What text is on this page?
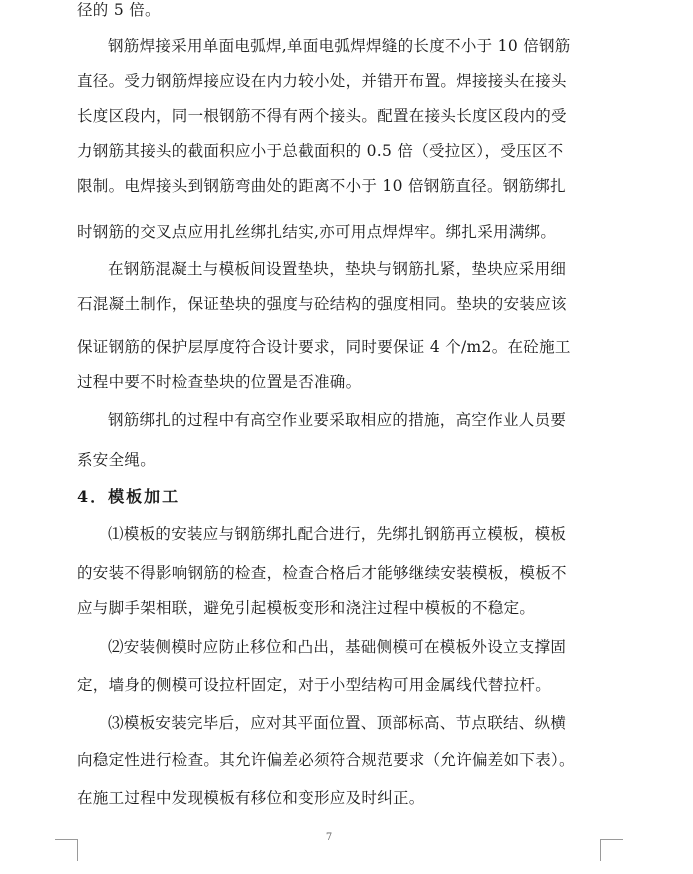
径的 5 倍。
钢筋焊接采用单面电弧焊,单面电弧焊焊缝的长度不小于 10 倍钢筋
直径。受力钢筋焊接应设在内力较小处，并错开布置。焊接接头在接头
长度区段内，同一根钢筋不得有两个接头。配置在接头长度区段内的受
力钢筋其接头的截面积应小于总截面积的 0.5 倍（受拉区），受压区不
限制。电焊接头到钢筋弯曲处的距离不小于 10 倍钢筋直径。钢筋绑扎
时钢筋的交叉点应用扎丝绑扎结实,亦可用点焊焊牢。绑扎采用满绑。
在钢筋混凝土与模板间设置垫块，垫块与钢筋扎紧，垫块应采用细
石混凝土制作，保证垫块的强度与砼结构的强度相同。垫块的安装应该
保证钢筋的保护层厚度符合设计要求，同时要保证 4 个/m2。在砼施工
过程中要不时检查垫块的位置是否准确。
钢筋绑扎的过程中有高空作业要采取相应的措施，高空作业人员要
系安全绳。
4．模板加工
⑴模板的安装应与钢筋绑扎配合进行，先绑扎钢筋再立模板，模板
的安装不得影响钢筋的检查，检查合格后才能够继续安装模板，模板不
应与脚手架相联，避免引起模板变形和浇注过程中模板的不稳定。
⑵安装侧模时应防止移位和凸出，基础侧模可在模板外设立支撑固
定，墙身的侧模可设拉杆固定，对于小型结构可用金属线代替拉杆。
⑶模板安装完毕后，应对其平面位置、顶部标高、节点联结、纵横
向稳定性进行检查。其允许偏差必须符合规范要求（允许偏差如下表）。
在施工过程中发现模板有移位和变形应及时纠正。
7
